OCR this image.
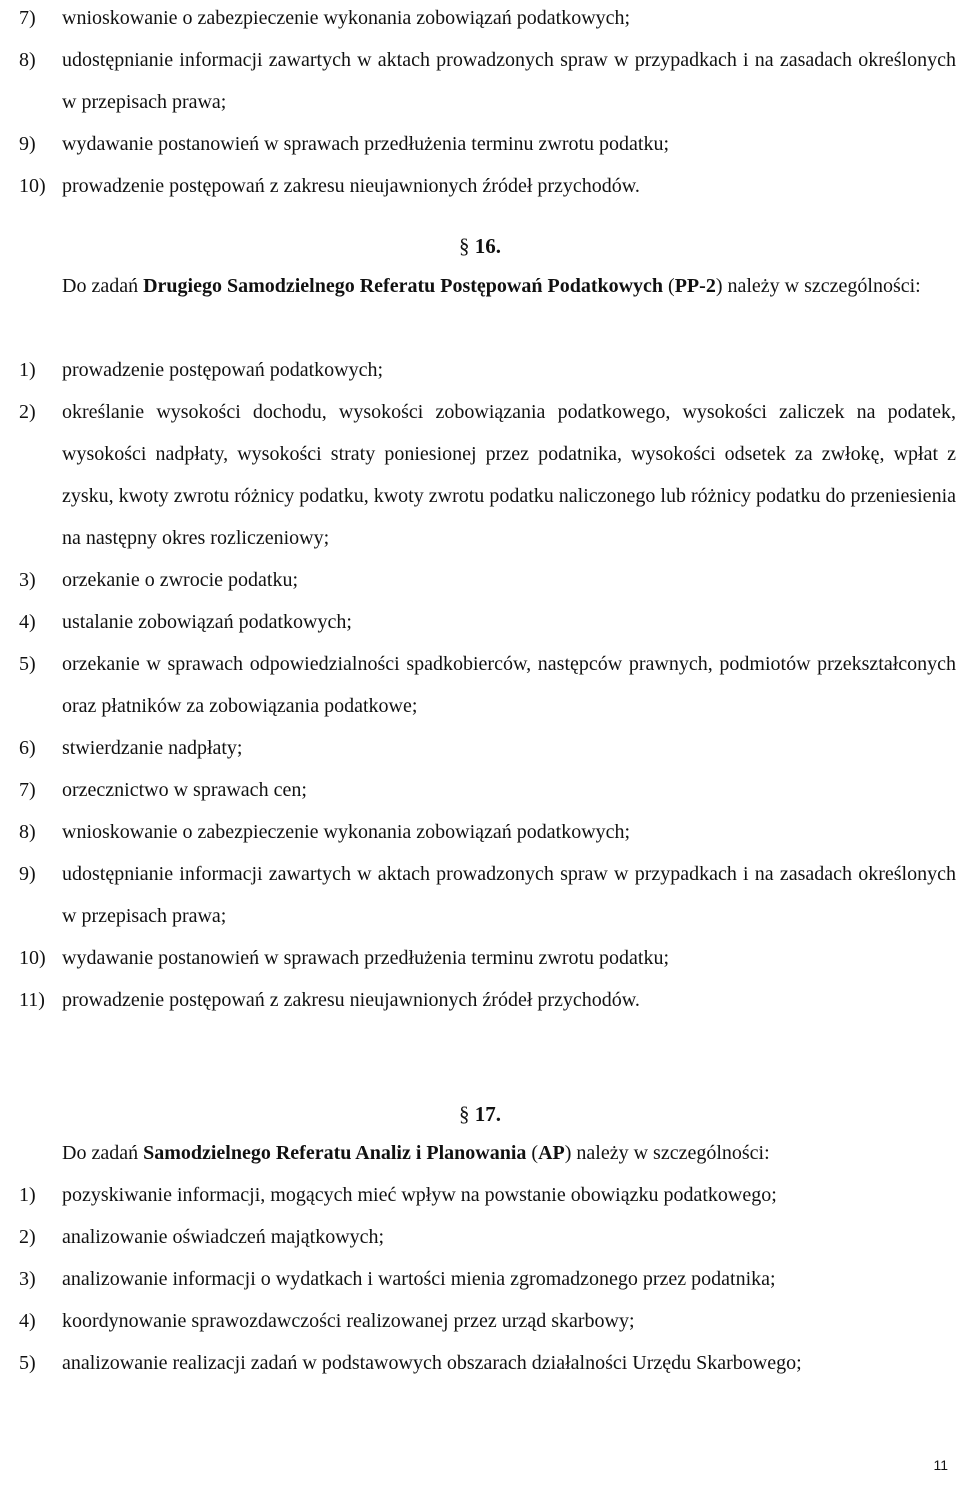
7) wnioskowanie o zabezpieczenie wykonania zobowiązań podatkowych;
8) udostępnianie informacji zawartych w aktach prowadzonych spraw w przypadkach i na zasadach określonych w przepisach prawa;
9) wydawanie postanowień w sprawach przedłużenia terminu zwrotu podatku;
10) prowadzenie postępowań z zakresu nieujawnionych źródeł przychodów.
§ 16.
Do zadań Drugiego Samodzielnego Referatu Postępowań Podatkowych (PP-2) należy w szczególności:
1) prowadzenie postępowań podatkowych;
2) określanie wysokości dochodu, wysokości zobowiązania podatkowego, wysokości zaliczek na podatek, wysokości nadpłaty, wysokości straty poniesionej przez podatnika, wysokości odsetek za zwłokę, wpłat z zysku, kwoty zwrotu różnicy podatku, kwoty zwrotu podatku naliczonego lub różnicy podatku do przeniesienia na następny okres rozliczeniowy;
3) orzekanie o zwrocie podatku;
4) ustalanie zobowiązań podatkowych;
5) orzekanie w sprawach odpowiedzialności spadkobierców, następców prawnych, podmiotów przekształconych oraz płatników za zobowiązania podatkowe;
6) stwierdzanie nadpłaty;
7) orzecznictwo w sprawach cen;
8) wnioskowanie o zabezpieczenie wykonania zobowiązań podatkowych;
9) udostępnianie informacji zawartych w aktach prowadzonych spraw w przypadkach i na zasadach określonych w przepisach prawa;
10) wydawanie postanowień w sprawach przedłużenia terminu zwrotu podatku;
11) prowadzenie postępowań z zakresu nieujawnionych źródeł przychodów.
§ 17.
Do zadań Samodzielnego Referatu Analiz i Planowania (AP) należy w szczególności:
1) pozyskiwanie informacji, mogących mieć wpływ na powstanie obowiązku podatkowego;
2) analizowanie oświadczeń majątkowych;
3) analizowanie informacji o wydatkach i wartości mienia zgromadzonego przez podatnika;
4) koordynowanie sprawozdawczości realizowanej przez urząd skarbowy;
5) analizowanie realizacji zadań w podstawowych obszarach działalności Urzędu Skarbowego;
11
